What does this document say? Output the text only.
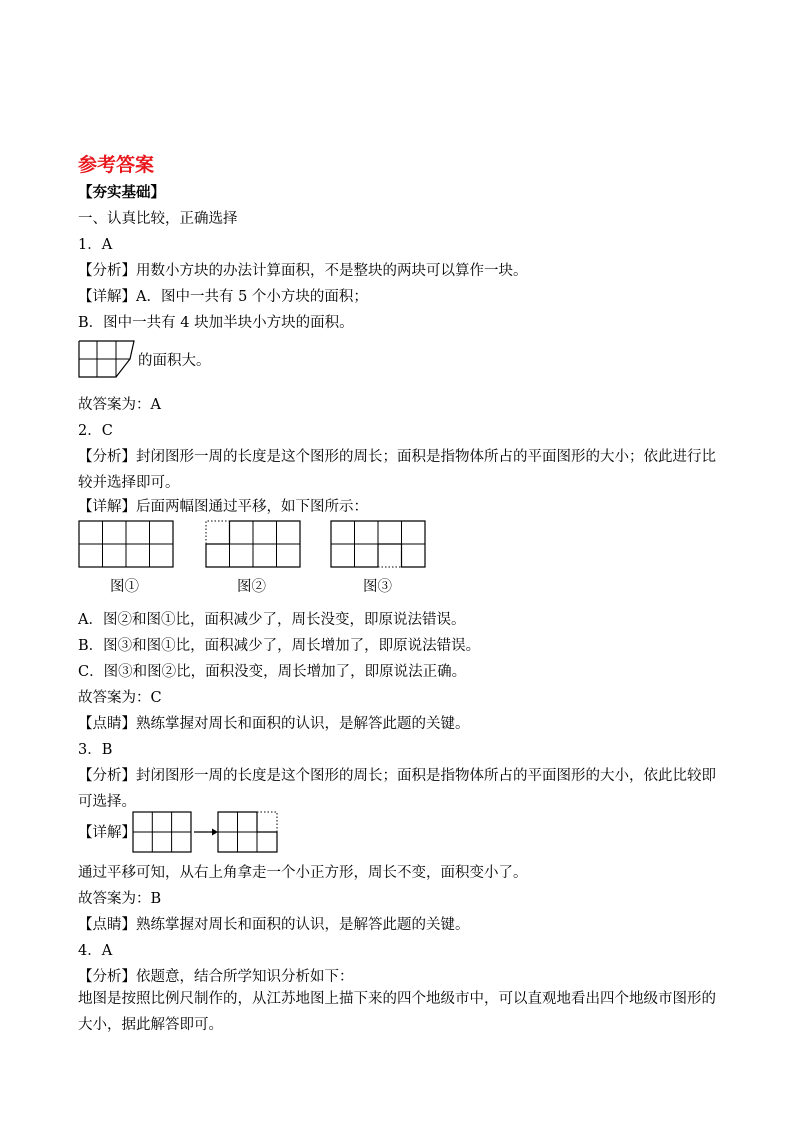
参考答案
【夯实基础】
一、认真比较，正确选择
1．A
【分析】用数小方块的办法计算面积，不是整块的两块可以算作一块。
【详解】A．图中一共有 5 个小方块的面积；
B．图中一共有 4 块加半块小方块的面积。
的面积大。
故答案为：A
2．C
【分析】封闭图形一周的长度是这个图形的周长；面积是指物体所占的平面图形的大小；依此进行比较并选择即可。
【详解】后面两幅图通过平移，如下图所示：
图①	图②	图③
A．图②和图①比，面积减少了，周长没变，即原说法错误。
B．图③和图①比，面积减少了，周长增加了，即原说法错误。
C．图③和图②比，面积没变，周长增加了，即原说法正确。
故答案为：C
【点睛】熟练掌握对周长和面积的认识，是解答此题的关键。
3．B
【分析】封闭图形一周的长度是这个图形的周长；面积是指物体所占的平面图形的大小，依此比较即可选择。
【详解】
通过平移可知，从右上角拿走一个小正方形，周长不变，面积变小了。
故答案为：B
【点睛】熟练掌握对周长和面积的认识，是解答此题的关键。
4．A
【分析】依题意，结合所学知识分析如下：
地图是按照比例尺制作的，从江苏地图上描下来的四个地级市中，可以直观地看出四个地级市图形的大小，据此解答即可。
